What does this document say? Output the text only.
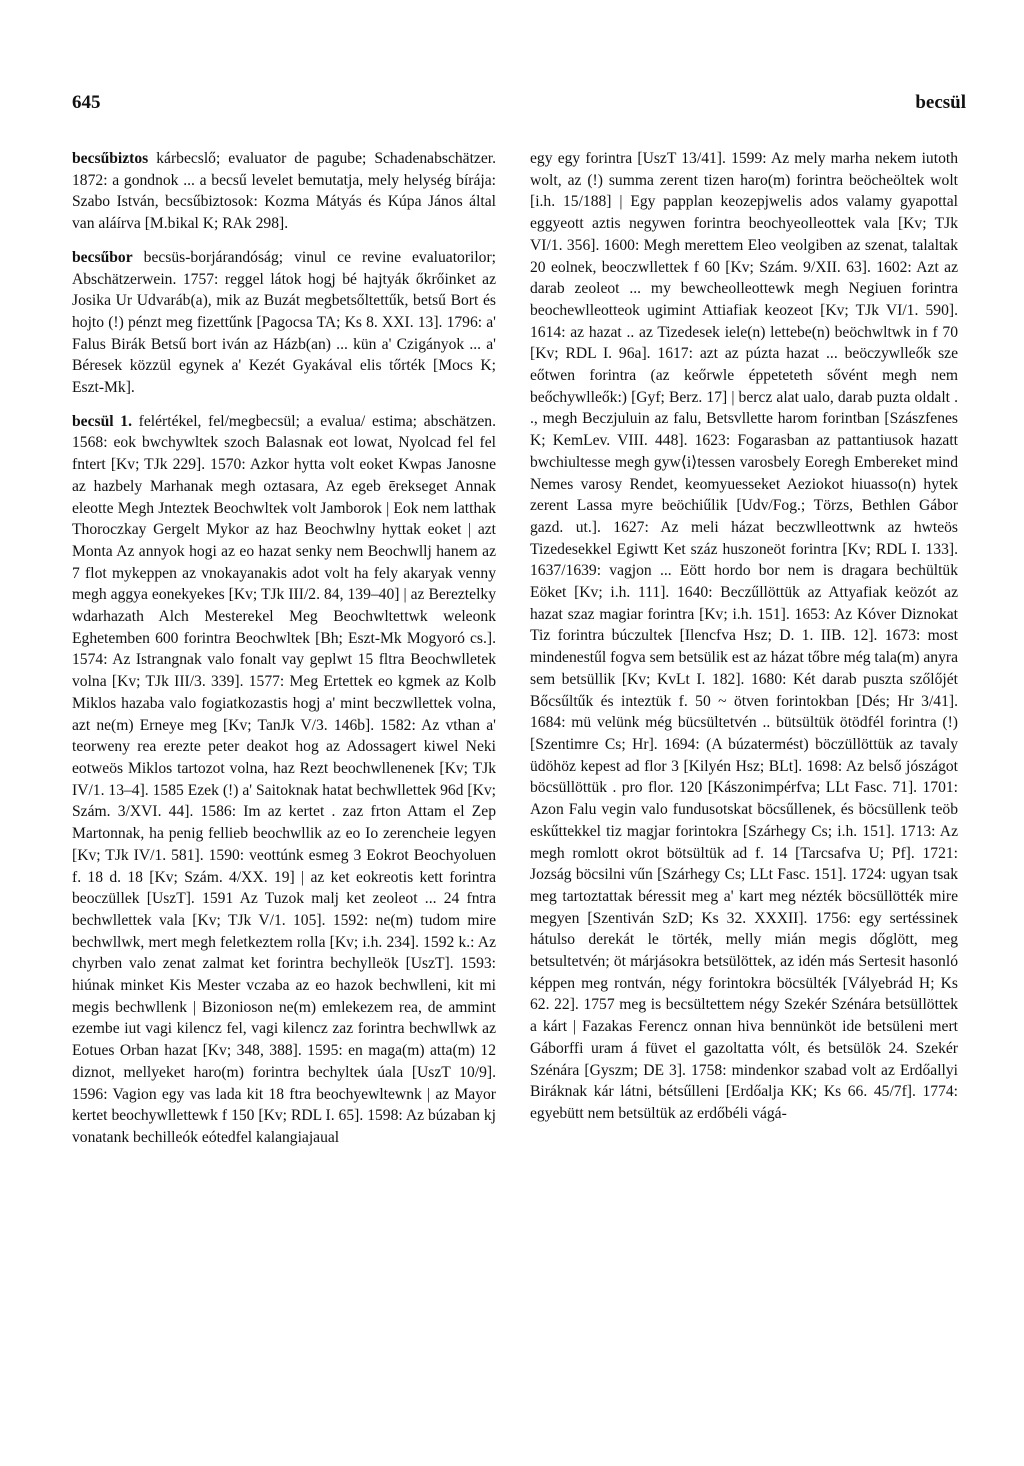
645	becsül

becsűbiztos kárbecslő; evaluator de pagube; Schadenabschätzer. 1872: a gondnok ... a becsű levelet bemutatja, mely helység bírája: Szabo István, becsűbiztosok: Kozma Mátyás és Kúpa János által van aláírva [M.bikal K; RAk 298].

becsűbor becsüs-borjárandóság; vinul ce revine evaluatorilor; Abschätzerwein. 1757: reggel látok hogj bé hajtyák őkrőinket az Josika Ur Udvaráb(a), mik az Buzát megbetsőltettűk, betsű Bort és hojto (!) pénzt meg fizettűnk [Pagocsa TA; Ks 8. XXI. 13]. 1796: a' Falus Birák Betsű bort iván az Házb(an) ... kün a' Czigányok ... a' Béresek közzül egynek a' Kezét Gyakával elis tőrték [Mocs K; Eszt-Mk].

becsül 1. felértékel, fel/megbecsül; a evalua/ estima; abschätzen. 1568: eok bwchywltek szoch Balasnak eot lowat, Nyolcad fel fel fntert [Kv; TJk 229]. 1570: Azkor hytta volt eoket Kwpas Janosne az hazbely Marhanak megh oztasara, Az egeb ērekseget Annak eleotte Megh Jnteztek Beochwltek volt Jamborok | Eok nem latthak Thoroczkay Gergelt Mykor az haz Beochwlny hyttak eoket | azt Monta Az annyok hogi az eo hazat senky nem Beochwllj hanem az 7 flot mykeppen az vnokayanakis adot volt ha fely akaryak venny megh aggya eonekyekes [Kv; TJk III/2. 84, 139–40] | az Bereztelky wdarhazath Alch Mesterekel Meg Beochwltettwk weleonk Eghetemben 600 forintra Beochwltek [Bh; Eszt-Mk Mogyoró cs.]. 1574: Az Istrangnak valo fonalt vay geplwt 15 fltra Beochwlletek volna [Kv; TJk III/3. 339]. 1577: Meg Ertettek eo kgmek az Kolb Miklos hazaba valo fogiatkozastis hogj a' mint beczwllettek volna, azt ne(m) Erneye meg [Kv; TanJk V/3. 146b]. 1582: Az vthan a' teorweny rea erezte peter deakot hog az Adossagert kiwel Neki eotweös Miklos tartozot volna, haz Rezt beochwllenenek [Kv; TJk IV/1. 13–4]. 1585 Ezek (!) a' Saitoknak hatat bechwllettek 96d [Kv; Szám. 3/XVI. 44]. 1586: Im az kertet . zaz frton Attam el Zep Martonnak, ha penig fellieb beochwllik az eo Io zerencheie legyen [Kv; TJk IV/1. 581]. 1590: veottúnk esmeg 3 Eokrot Beochyoluen f. 18 d. 18 [Kv; Szám. 4/XX. 19] | az ket eokreotis kett forintra beoczüllek [UszT]. 1591 Az Tuzok malj ket zeoleot ... 24 fntra bechwllettek vala [Kv; TJk V/1. 105]. 1592: ne(m) tudom mire bechwllwk, mert megh feletkeztem rolla [Kv; i.h. 234]. 1592 k.: Az chyrben valo zenat zalmat ket forintra bechylleök [UszT]. 1593: hiúnak minket Kis Mester vczaba az eo hazok bechwlleni, kit mi megis bechwllenk | Bizonioson ne(m) emlekezem rea, de ammint ezembe iut vagi kilencz fel, vagi kilencz zaz forintra bechwllwk az Eotues Orban hazat [Kv; 348, 388]. 1595: en maga(m) atta(m) 12 diznot, mellyeket haro(m) forintra bechyltek úala [UszT 10/9]. 1596: Vagion egy vas lada kit 18 ftra beochyewltewnk | az Mayor kertet beochywllettewk f 150 [Kv; RDL I. 65]. 1598: Az búzaban kj vonatank bechilleók eótedfel kalangiajaual

egy egy forintra [UszT 13/41]. 1599: Az mely marha nekem iutoth wolt, az (!) summa zerent tizen haro(m) forintra beöcheöltek wolt [i.h. 15/188] | Egy papplan keozepjwelis ados valamy gyapottal eggyeott aztis negywen forintra beochyeolleottek vala [Kv; TJk VI/1. 356]. 1600: Megh merettem Eleo veolgiben az szenat, talaltak 20 eolnek, beoczwllettek f 60 [Kv; Szám. 9/XII. 63]. 1602: Azt az darab zeoleot ... my bewcheolleottewk megh Negiuen forintra beochewlleotteok ugimint Attiafiak keozeot [Kv; TJk VI/1. 590]. 1614: az hazat .. az Tizedesek iele(n) lettebe(n) beöchwltwk in f 70 [Kv; RDL I. 96a]. 1617: azt az púzta hazat ... beöczywlleők sze eőtwen forintra (az keőrwle éppeteteth sővént megh nem beőchywlleők:) [Gyf; Berz. 17] | bercz alat ualo, darab puzta oldalt . ., megh Beczjuluin az falu, Betsvllette harom forintban [Szászfenes K; KemLev. VIII. 448]. 1623: Fogarasban az pattantiusok hazatt bwchiultesse megh gyw⟨i⟩tessen varosbely Eoregh Embereket mind Nemes varosy Rendet, keomyuesseket Aeziokot hiuasso(n) hytek zerent Lassa myre beöchiűlik [Udv/Fog.; Törzs, Bethlen Gábor gazd. ut.]. 1627: Az meli házat beczwlleottwnk az hwteös Tizedesekkel Egiwtt Ket száz huszoneöt forintra [Kv; RDL I. 133]. 1637/1639: vagjon ... Eött hordo bor nem is dragara bechültük Eöket [Kv; i.h. 111]. 1640: Beczűllöttük az Attyafiak keözót az hazat szaz magiar forintra [Kv; i.h. 151]. 1653: Az Kóver Diznokat Tiz forintra búczultek [Ilencfva Hsz; D. 1. IIB. 12]. 1673: most mindenestűl fogva sem betsülik est az házat tőbre még tala(m) anyra sem betsüllik [Kv; KvLt I. 182]. 1680: Két darab puszta szőlőjét Bőcsűltűk és inteztük f. 50 ~ ötven forintokban [Dés; Hr 3/41]. 1684: mü velünk még bücsültetvén .. bütsültük ötödfél forintra (!) [Szentimre Cs; Hr]. 1694: (A búzatermést) böczüllöttük az tavaly üdöhöz kepest ad flor 3 [Kilyén Hsz; BLt]. 1698: Az belső jószágot böcsüllöttük . pro flor. 120 [Kászonimpérfva; LLt Fasc. 71]. 1701: Azon Falu vegin valo fundusotskat böcsűllenek, és böcsüllenk teöb eskűttekkel tiz magjar forintokra [Szárhegy Cs; i.h. 151]. 1713: Az megh romlott okrot bötsültük ad f. 14 [Tarcsafva U; Pf]. 1721: Jozság böcsilni vűn [Szárhegy Cs; LLt Fasc. 151]. 1724: ugyan tsak meg tartoztattak béressit meg a' kart meg nézték böcsüllötték mire megyen [Szentiván SzD; Ks 32. XXXII]. 1756: egy sertéssinek hátulso derekát le törték, melly mián megis dőglött, meg betsultetvén; öt márjásokra betsülöttek, az idén más Sertesit hasonló képpen meg rontván, négy forintokra böcsülték [Vályebrád H; Ks 62. 22]. 1757 meg is becsültettem négy Szekér Szénára betsüllöttek a kárt | Fazakas Ferencz onnan hiva bennünköt ide betsüleni mert Gáborffi uram á füvet el gazoltatta vólt, és betsülök 24. Szekér Szénára [Gyszm; DE 3]. 1758: mindenkor szabad volt az Erdőallyi Biráknak kár látni, bétsűlleni [Erdőalja KK; Ks 66. 45/7f]. 1774: egyebütt nem betsültük az erdőbéli vágá-
